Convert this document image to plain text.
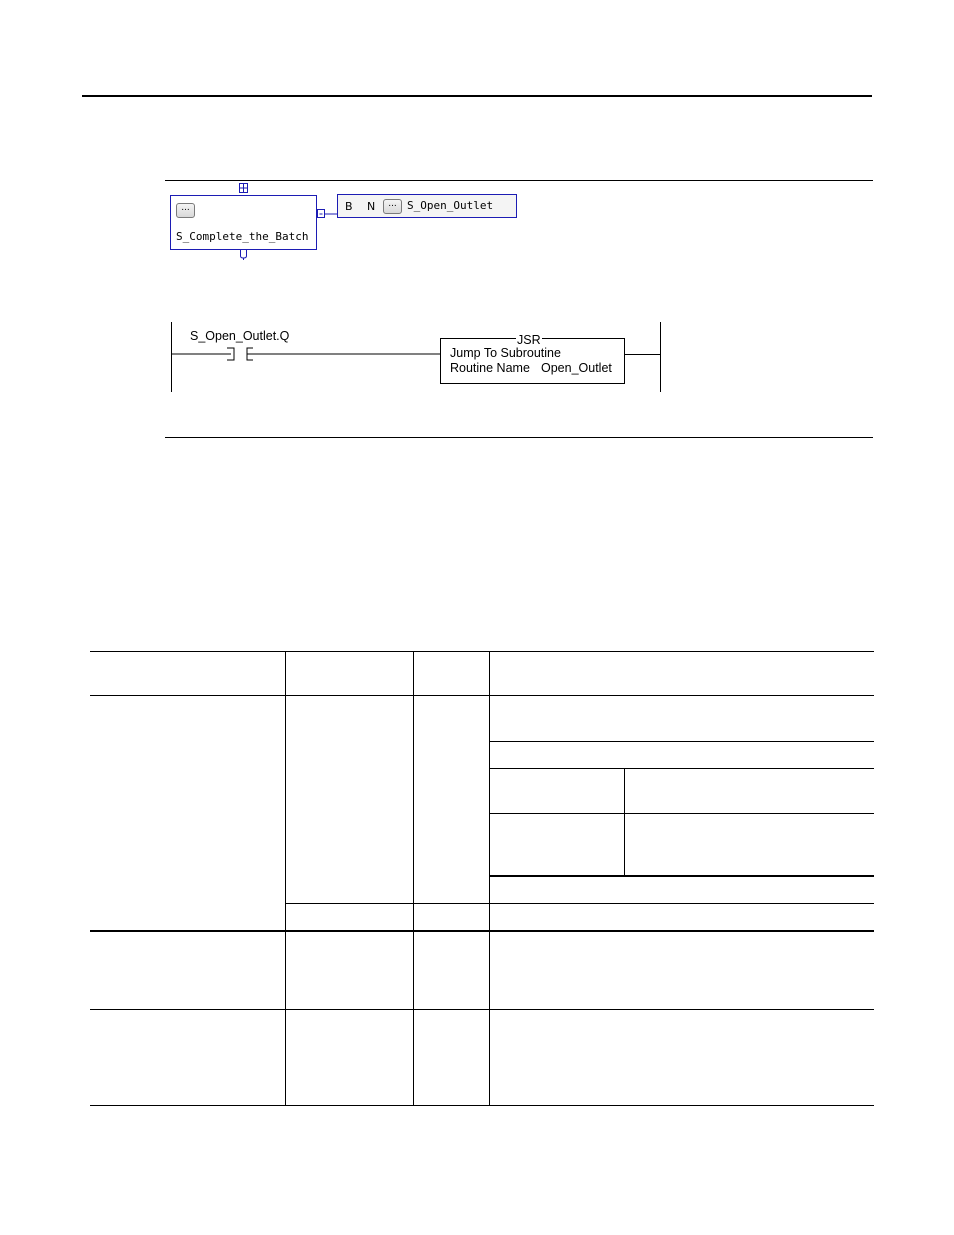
...
S_Complete_the_Batch
B N	... S_Open_Outlet
S_Open_Outlet.Q	JSR
Jump To Subroutine
Routine Name Open_Outlet
